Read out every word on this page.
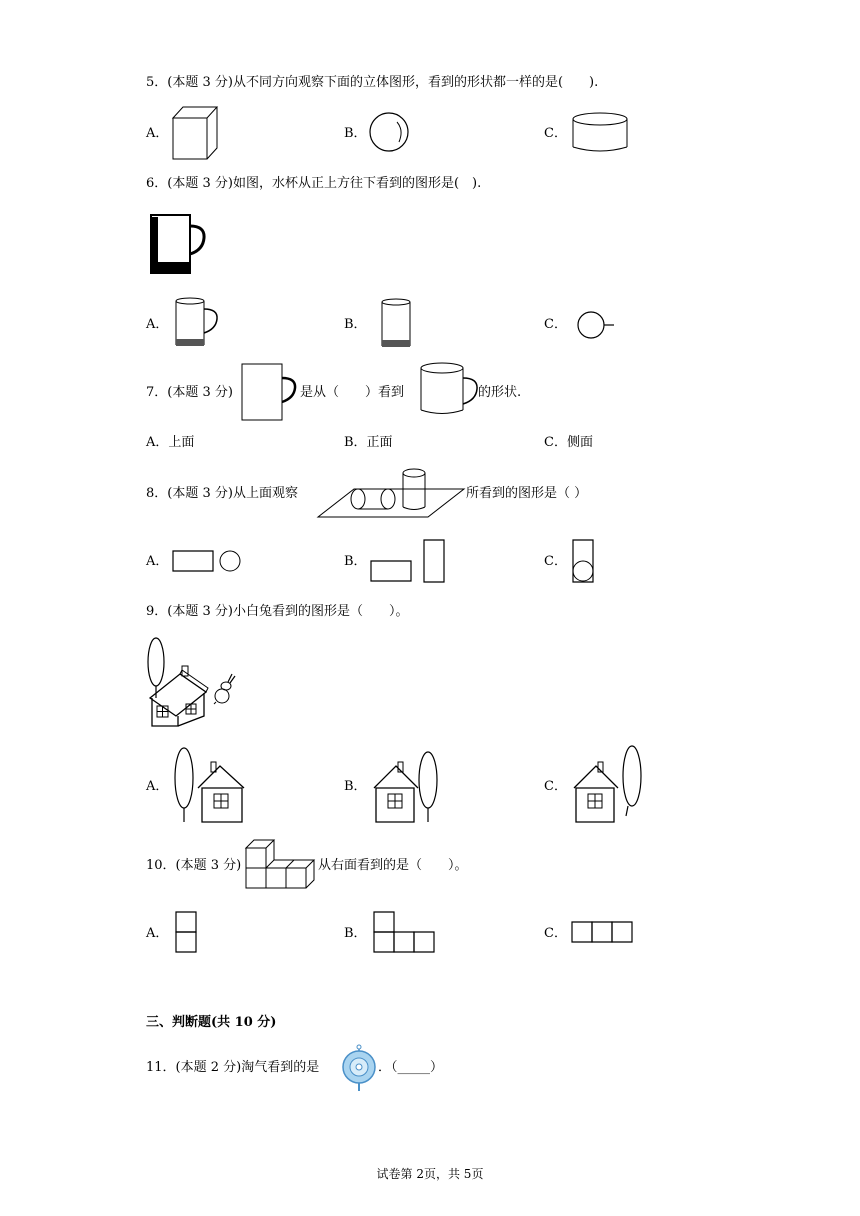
5．(本题 3 分)从不同方向观察下面的立体图形，看到的形状都一样的是(　　).
A．	B．	C．
6．(本题 3 分)如图，水杯从正上方往下看到的图形是(　).
A．	B．	C．
7．(本题 3 分)	是从（　　）看到	的形状.
A．上面	B．正面	C．侧面
8．(本题 3 分)从上面观察	所看到的图形是（ ）
A．	B．	C．
9．(本题 3 分)小白兔看到的图形是（　　）。
A．	B．	C．
10．(本题 3 分)	从右面看到的是（　　）。
A．	B．	C．
三、判断题(共 10 分)
11．(本题 2 分)淘气看到的是	．（_____）
试卷第 2页，共 5页
